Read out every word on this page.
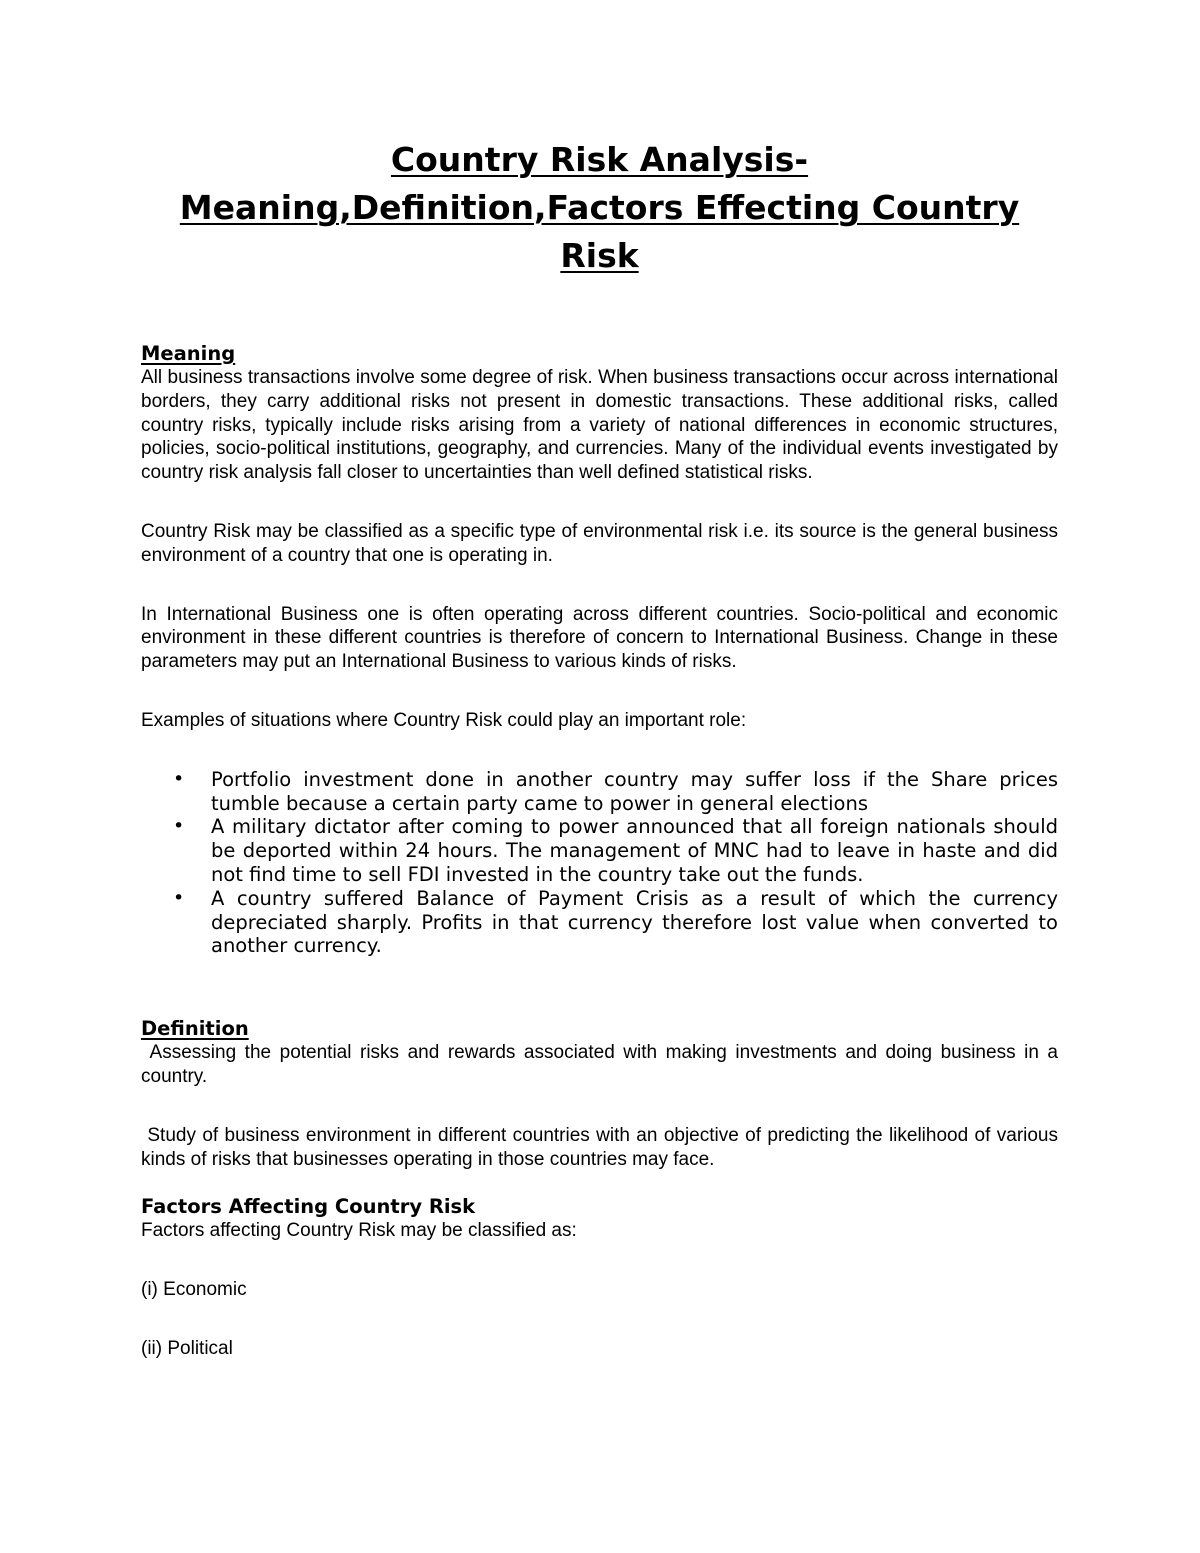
Country Risk Analysis-
Meaning,Definition,Factors Effecting Country
Risk
Meaning

All business transactions involve some degree of risk. When business transactions occur across international borders, they carry additional risks not present in domestic transactions. These additional risks, called country risks, typically include risks arising from a variety of national differences in economic structures, policies, socio-political institutions, geography, and currencies. Many of the individual events investigated by country risk analysis fall closer to uncertainties than well defined statistical risks.

Country Risk may be classified as a specific type of environmental risk i.e. its source is the general business environment of a country that one is operating in.

In International Business one is often operating across different countries. Socio-political and economic environment in these different countries is therefore of concern to International Business. Change in these parameters may put an International Business to various kinds of risks.

Examples of situations where Country Risk could play an important role:

• Portfolio investment done in another country may suffer loss if the Share prices tumble because a certain party came to power in general elections
• A military dictator after coming to power announced that all foreign nationals should be deported within 24 hours. The management of MNC had to leave in haste and did not find time to sell FDI invested in the country take out the funds.
• A country suffered Balance of Payment Crisis as a result of which the currency depreciated sharply. Profits in that currency therefore lost value when converted to another currency.
Definition

Assessing the potential risks and rewards associated with making investments and doing business in a country.

Study of business environment in different countries with an objective of predicting the likelihood of various kinds of risks that businesses operating in those countries may face.

Factors Affecting Country Risk

Factors affecting Country Risk may be classified as:

(i) Economic

(ii) Political
